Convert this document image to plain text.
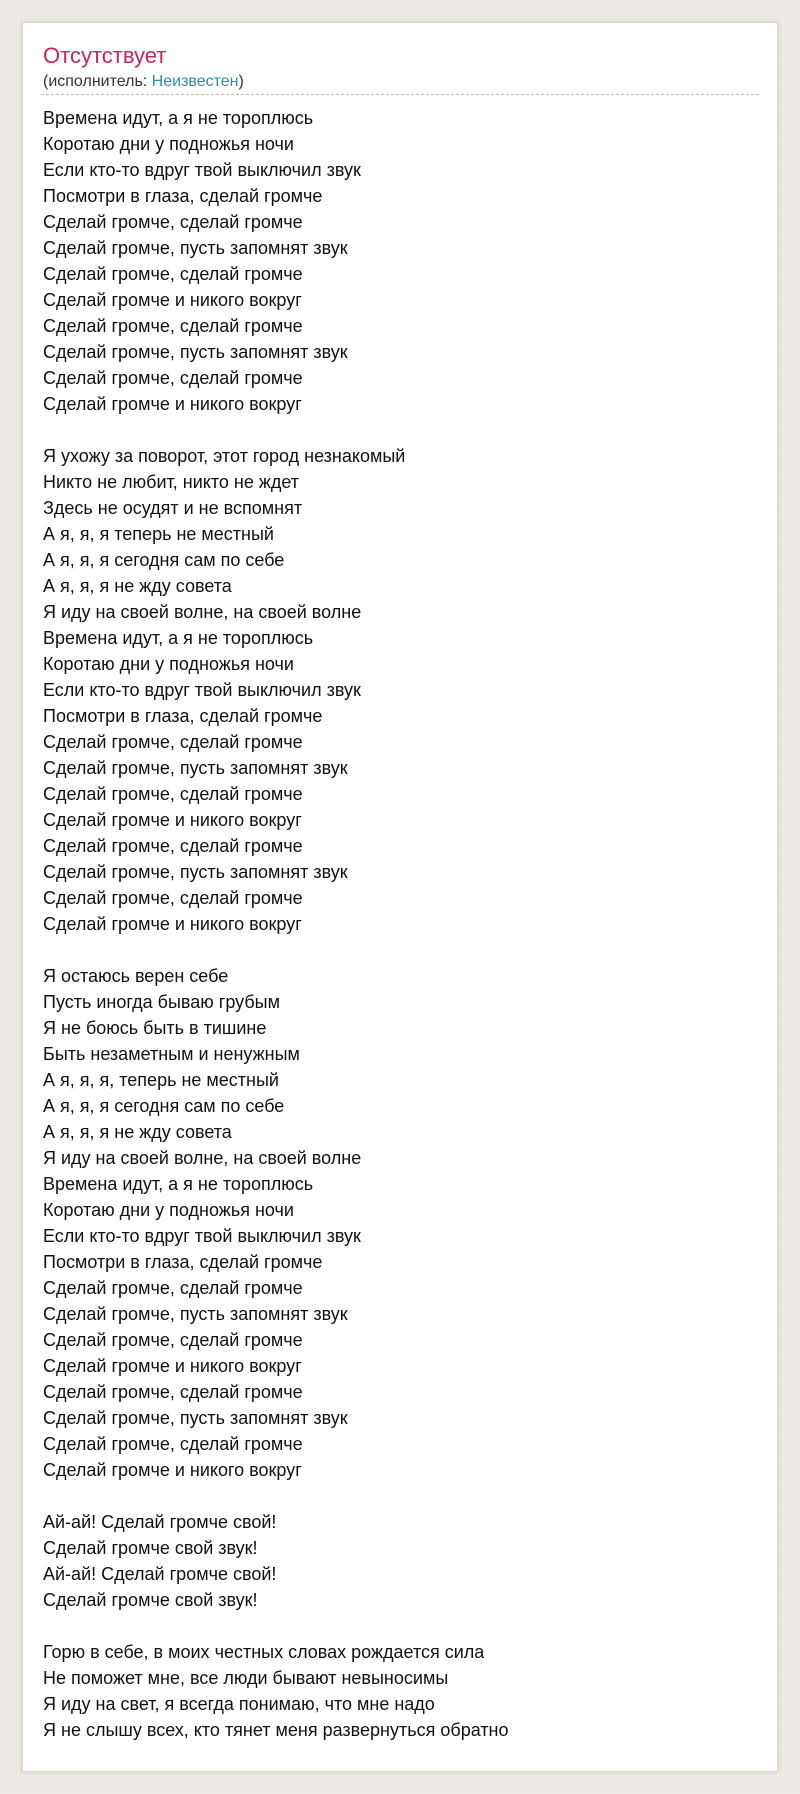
Отсутствует
(исполнитель: Неизвестен)
Времена идут, а я не тороплюсь
Коротаю дни у подножья ночи
Если кто-то вдруг твой выключил звук
Посмотри в глаза, сделай громче
Сделай громче, сделай громче
Сделай громче, пусть запомнят звук
Сделай громче, сделай громче
Сделай громче и никого вокруг
Сделай громче, сделай громче
Сделай громче, пусть запомнят звук
Сделай громче, сделай громче
Сделай громче и никого вокруг
Я ухожу за поворот, этот город незнакомый
Никто не любит, никто не ждет
Здесь не осудят и не вспомнят
А я, я, я теперь не местный
А я, я, я сегодня сам по себе
А я, я, я не жду совета
Я иду на своей волне, на своей волне
Времена идут, а я не тороплюсь
Коротаю дни у подножья ночи
Если кто-то вдруг твой выключил звук
Посмотри в глаза, сделай громче
Сделай громче, сделай громче
Сделай громче, пусть запомнят звук
Сделай громче, сделай громче
Сделай громче и никого вокруг
Сделай громче, сделай громче
Сделай громче, пусть запомнят звук
Сделай громче, сделай громче
Сделай громче и никого вокруг
Я остаюсь верен себе
Пусть иногда бываю грубым
Я не боюсь быть в тишине
Быть незаметным и ненужным
А я, я, я, теперь не местный
А я, я, я сегодня сам по себе
А я, я, я не жду совета
Я иду на своей волне, на своей волне
Времена идут, а я не тороплюсь
Коротаю дни у подножья ночи
Если кто-то вдруг твой выключил звук
Посмотри в глаза, сделай громче
Сделай громче, сделай громче
Сделай громче, пусть запомнят звук
Сделай громче, сделай громче
Сделай громче и никого вокруг
Сделай громче, сделай громче
Сделай громче, пусть запомнят звук
Сделай громче, сделай громче
Сделай громче и никого вокруг
Ай-ай! Сделай громче свой!
Сделай громче свой звук!
Ай-ай! Сделай громче свой!
Сделай громче свой звук!
Горю в себе, в моих честных словах рождается сила
Не поможет мне, все люди бывают невыносимы
Я иду на свет, я всегда понимаю, что мне надо
Я не слышу всех, кто тянет меня развернуться обратно
